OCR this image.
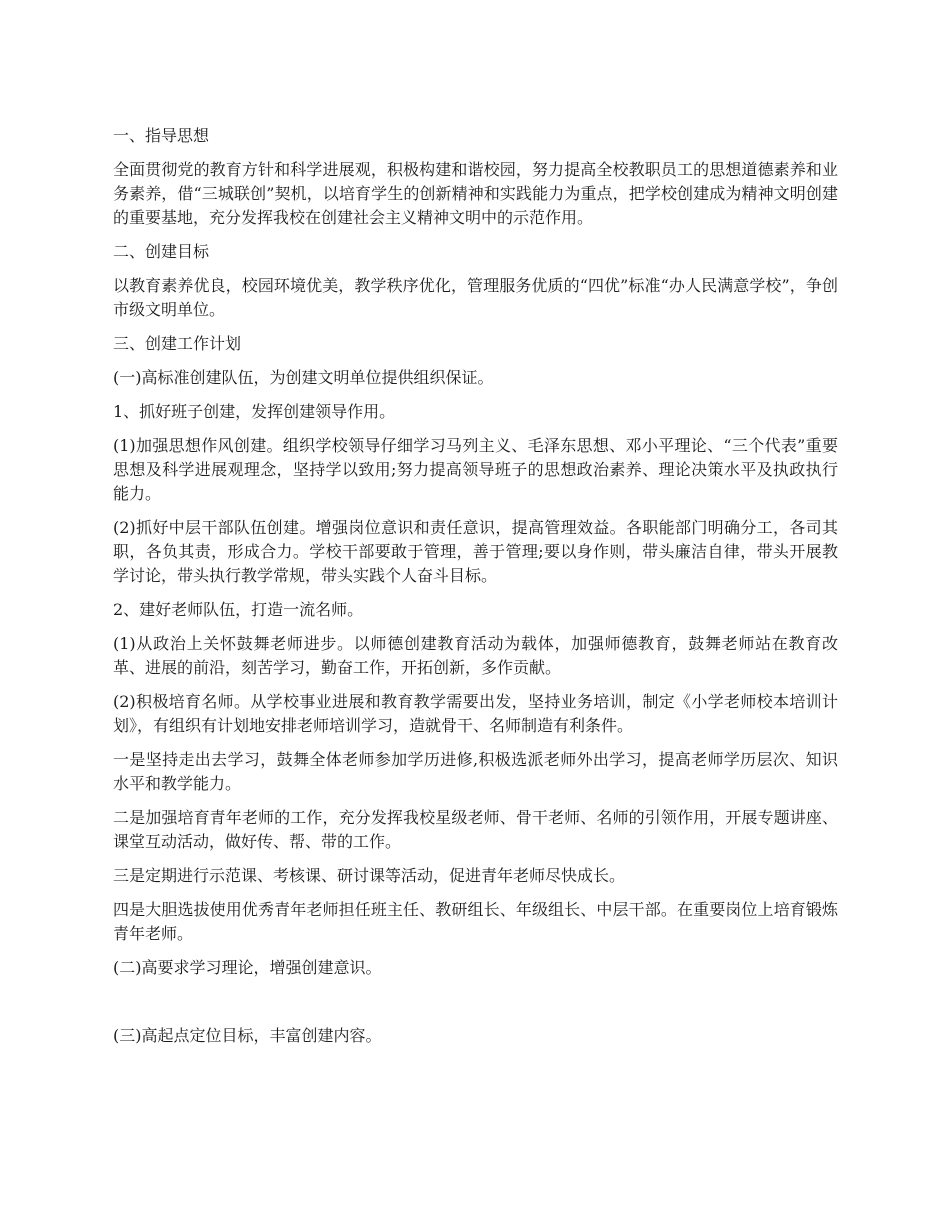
一、指导思想

全面贯彻党的教育方针和科学进展观，积极构建和谐校园，努力提高全校教职员工的思想道德素养和业务素养，借“三城联创”契机，以培育学生的创新精神和实践能力为重点，把学校创建成为精神文明创建的重要基地，充分发挥我校在创建社会主义精神文明中的示范作用。

二、创建目标

以教育素养优良，校园环境优美，教学秩序优化，管理服务优质的“四优”标准“办人民满意学校”，争创市级文明单位。

三、创建工作计划

(一)高标准创建队伍，为创建文明单位提供组织保证。

1、抓好班子创建，发挥创建领导作用。

(1)加强思想作风创建。组织学校领导仔细学习马列主义、毛泽东思想、邓小平理论、“三个代表”重要思想及科学进展观理念，坚持学以致用;努力提高领导班子的思想政治素养、理论决策水平及执政执行能力。

(2)抓好中层干部队伍创建。增强岗位意识和责任意识，提高管理效益。各职能部门明确分工，各司其职，各负其责，形成合力。学校干部要敢于管理，善于管理;要以身作则，带头廉洁自律，带头开展教学讨论，带头执行教学常规，带头实践个人奋斗目标。

2、建好老师队伍，打造一流名师。

(1)从政治上关怀鼓舞老师进步。以师德创建教育活动为载体，加强师德教育，鼓舞老师站在教育改革、进展的前沿，刻苦学习，勤奋工作，开拓创新，多作贡献。

(2)积极培育名师。从学校事业进展和教育教学需要出发，坚持业务培训，制定《小学老师校本培训计划》，有组织有计划地安排老师培训学习，造就骨干、名师制造有利条件。

一是坚持走出去学习，鼓舞全体老师参加学历进修,积极选派老师外出学习，提高老师学历层次、知识水平和教学能力。

二是加强培育青年老师的工作，充分发挥我校星级老师、骨干老师、名师的引领作用，开展专题讲座、课堂互动活动，做好传、帮、带的工作。

三是定期进行示范课、考核课、研讨课等活动，促进青年老师尽快成长。

四是大胆选拔使用优秀青年老师担任班主任、教研组长、年级组长、中层干部。在重要岗位上培育锻炼青年老师。

(二)高要求学习理论，增强创建意识。

(三)高起点定位目标，丰富创建内容。
